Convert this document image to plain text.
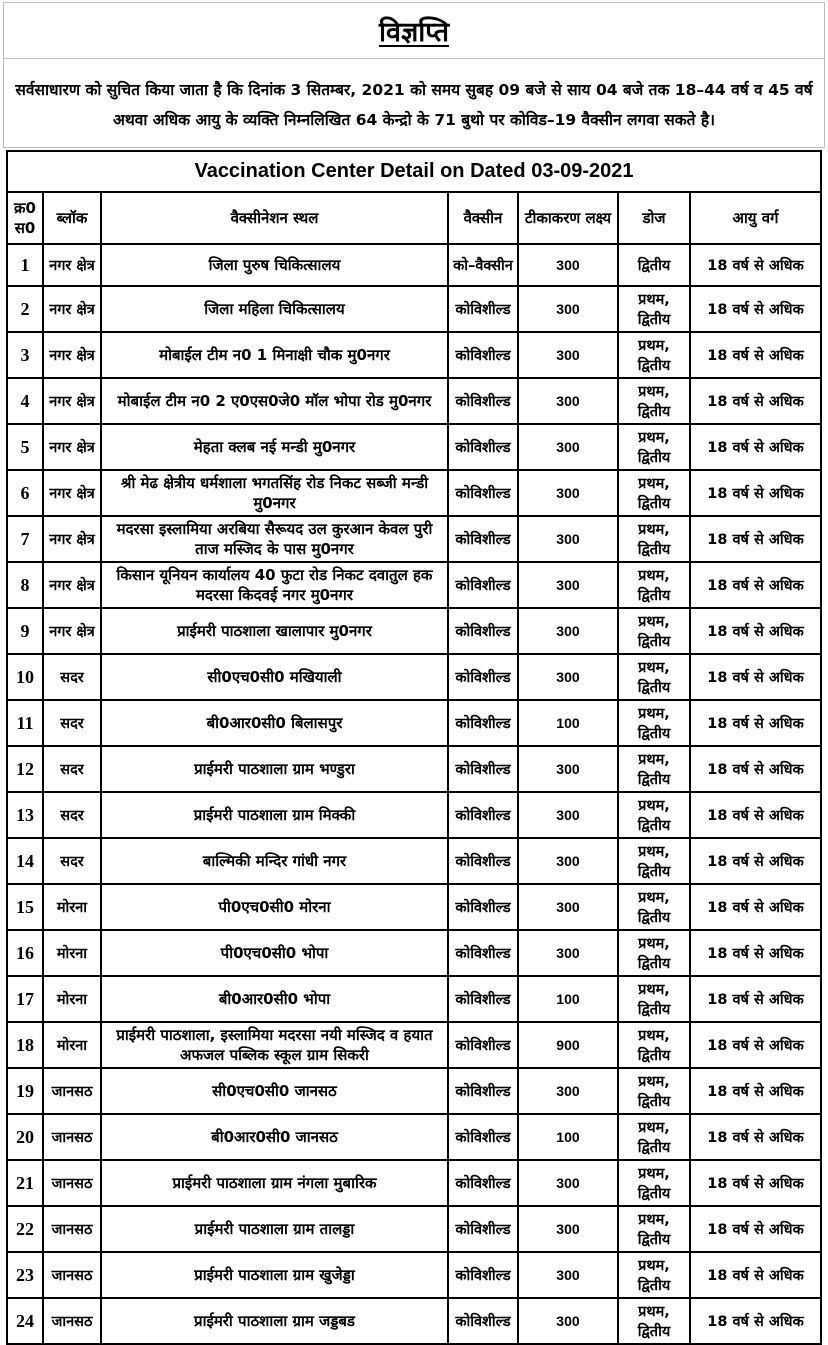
विज्ञप्ति

सर्वसाधारण को सुचित किया जाता है कि दिनांक 3 सितम्बर, 2021 को समय सुबह 09 बजे से साय 04 बजे तक 18–44 वर्ष व 45 वर्ष अथवा अधिक आयु के व्यक्ति निम्नलिखित 64 केन्द्रो के 71 बुथो पर कोविड–19 वैक्सीन लगवा सकते है।

Vaccination Center Detail on Dated 03-09-2021						
क्र0स0	ब्लॉक	वैक्सीनेशन स्थल	वैक्सीन	टीकाकरण लक्ष्य	डोज	आयु वर्ग
1	नगर क्षेत्र	जिला पुरुष चिकित्सालय	को–वैक्सीन	300	द्वितीय	18 वर्ष से अधिक
2	नगर क्षेत्र	जिला महिला चिकित्सालय	कोविशील्ड	300	प्रथम, द्वितीय	18 वर्ष से अधिक
3	नगर क्षेत्र	मोबाईल टीम न0 1 मिनाक्षी चौक मु0नगर	कोविशील्ड	300	प्रथम, द्वितीय	18 वर्ष से अधिक
4	नगर क्षेत्र	मोबाईल टीम न0 2 ए0एस0जे0 मॉल भोपा रोड मु0नगर	कोविशील्ड	300	प्रथम, द्वितीय	18 वर्ष से अधिक
5	नगर क्षेत्र	मेहता क्लब नई मन्डी मु0नगर	कोविशील्ड	300	प्रथम, द्वितीय	18 वर्ष से अधिक
6	नगर क्षेत्र	श्री मेढ क्षेत्रीय धर्मशाला भगतसिंह रोड निकट सब्जी मन्डी मु0नगर	कोविशील्ड	300	प्रथम, द्वितीय	18 वर्ष से अधिक
7	नगर क्षेत्र	मदरसा इस्लामिया अरबिया सैरूयद उल कुरआन केवल पुरी ताज मस्जिद के पास मु0नगर	कोविशील्ड	300	प्रथम, द्वितीय	18 वर्ष से अधिक
8	नगर क्षेत्र	किसान यूनियन कार्यालय 40 फुटा रोड निकट दवातुल हक मदरसा किदवई नगर मु0नगर	कोविशील्ड	300	प्रथम, द्वितीय	18 वर्ष से अधिक
9	नगर क्षेत्र	प्राईमरी पाठशाला खालापार मु0नगर	कोविशील्ड	300	प्रथम, द्वितीय	18 वर्ष से अधिक
10	सदर	सी0एच0सी0 मखियाली	कोविशील्ड	300	प्रथम, द्वितीय	18 वर्ष से अधिक
11	सदर	बी0आर0सी0 बिलासपुर	कोविशील्ड	100	प्रथम, द्वितीय	18 वर्ष से अधिक
12	सदर	प्राईमरी पाठशाला ग्राम भण्डुरा	कोविशील्ड	300	प्रथम, द्वितीय	18 वर्ष से अधिक
13	सदर	प्राईमरी पाठशाला ग्राम मिक्की	कोविशील्ड	300	प्रथम, द्वितीय	18 वर्ष से अधिक
14	सदर	बाल्मिकी मन्दिर गांधी नगर	कोविशील्ड	300	प्रथम, द्वितीय	18 वर्ष से अधिक
15	मोरना	पी0एच0सी0 मोरना	कोविशील्ड	300	प्रथम, द्वितीय	18 वर्ष से अधिक
16	मोरना	पी0एच0सी0 भोपा	कोविशील्ड	300	प्रथम, द्वितीय	18 वर्ष से अधिक
17	मोरना	बी0आर0सी0 भोपा	कोविशील्ड	100	प्रथम, द्वितीय	18 वर्ष से अधिक
18	मोरना	प्राईमरी पाठशाला, इस्लामिया मदरसा नयी मस्जिद व हयात अफजल पब्लिक स्कूल ग्राम सिकरी	कोविशील्ड	900	प्रथम, द्वितीय	18 वर्ष से अधिक
19	जानसठ	सी0एच0सी0 जानसठ	कोविशील्ड	300	प्रथम, द्वितीय	18 वर्ष से अधिक
20	जानसठ	बी0आर0सी0 जानसठ	कोविशील्ड	100	प्रथम, द्वितीय	18 वर्ष से अधिक
21	जानसठ	प्राईमरी पाठशाला ग्राम नंगला मुबारिक	कोविशील्ड	300	प्रथम, द्वितीय	18 वर्ष से अधिक
22	जानसठ	प्राईमरी पाठशाला ग्राम तालड्डा	कोविशील्ड	300	प्रथम, द्वितीय	18 वर्ष से अधिक
23	जानसठ	प्राईमरी पाठशाला ग्राम खुजेड्डा	कोविशील्ड	300	प्रथम, द्वितीय	18 वर्ष से अधिक
24	जानसठ	प्राईमरी पाठशाला ग्राम जड्डबड	कोविशील्ड	300	प्रथम, द्वितीय	18 वर्ष से अधिक
